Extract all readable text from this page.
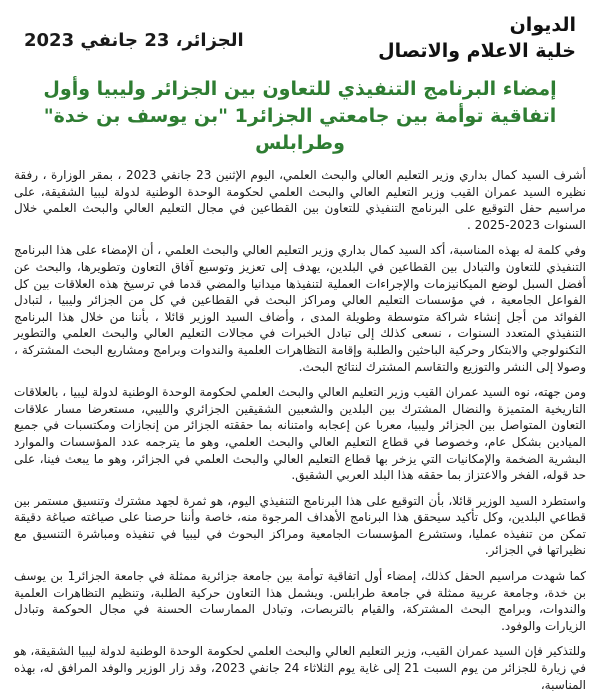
الديوان
خلية الاعلام والاتصال
الجزائر، 23 جانفي 2023
إمضاء البرنامج التنفيذي للتعاون بين الجزائر وليبيا وأول اتفاقية توأمة بين جامعتي الجزائر1 "بن يوسف بن خدة" وطرابلس

أشرف السيد كمال بداري وزير التعليم العالي والبحث العلمي، اليوم الإثنين 23 جانفي 2023 ، بمقر الوزارة ، رفقة نظيره السيد عمران القيب وزير التعليم العالي والبحث العلمي لحكومة الوحدة الوطنية لدولة ليبيا الشقيقة، على مراسيم حفل التوقيع على البرنامج التنفيذي للتعاون بين القطاعين في مجال التعليم العالي والبحث العلمي خلال السنوات 2023-2025 .

وفي كلمة له بهذه المناسبة، أكد السيد كمال بداري وزير التعليم العالي والبحث العلمي ، أن الإمضاء على هذا البرنامج التنفيذي للتعاون والتبادل بين القطاعين في البلدين، يهدف إلى تعزيز وتوسيع آفاق التعاون وتطويرها، والبحث عن أفضل السبل لوضع الميكانيزمات والإجراءات العملية لتنفيذها ميدانيا والمضي قدما في ترسيخ هذه العلاقات بين كل الفواعل الجامعية ، في مؤسسات التعليم العالي ومراكز البحث في القطاعين في كل من الجزائر وليبيا ، لتبادل الفوائد من أجل إنشاء شراكة متوسطة وطويلة المدى ، وأضاف السيد الوزير قائلا ، بأننا من خلال هذا البرنامج التنفيذي المتعدد السنوات ، نسعى كذلك إلى تبادل الخبرات في مجالات التعليم العالي والبحث العلمي والتطوير التكنولوجي والابتكار وحركية الباحثين والطلبة وإقامة التظاهرات العلمية والندوات وبرامج ومشاريع البحث المشتركة ، وصولا إلى النشر والتوزيع والتقاسم المشترك لنتائج البحث.

ومن جهته، نوه السيد عمران القيب وزير التعليم العالي والبحث العلمي لحكومة الوحدة الوطنية لدولة ليبيا ، بالعلاقات التاريخية المتميزة والنضال المشترك بين البلدين والشعبين الشقيقين الجزائري والليبي، مستعرضا مسار علاقات التعاون المتواصل بين الجزائر وليبيا، معربا عن إعجابه وامتنانه بما حققته الجزائر من إنجازات ومكتسبات في جميع الميادين بشكل عام، وخصوصا في قطاع التعليم العالي والبحث العلمي، وهو ما يترجمه عدد المؤسسات والموارد البشرية الضخمة والإمكانيات التي يزخر بها قطاع التعليم العالي والبحث العلمي في الجزائر، وهو ما يبعث فينا، على حد قوله، الفخر والاعتزاز بما حققه هذا البلد العربي الشقيق.

واستطرد السيد الوزير قائلا، بأن التوقيع على هذا البرنامج التنفيذي اليوم، هو ثمرة لجهد مشترك وتنسيق مستمر بين قطاعي البلدين، وكل تأكيد سيحقق هذا البرنامج الأهداف المرجوة منه، خاصة وأننا حرصنا على صياغته صياغة دقيقة تمكن من تنفيذه عمليا، وستشرع المؤسسات الجامعية ومراكز البحوث في ليبيا في تنفيذه ومباشرة التنسيق مع نظيراتها في الجزائر.

كما شهدت مراسيم الحفل كذلك، إمضاء أول اتفاقية توأمة بين جامعة جزائرية ممثلة في جامعة الجزائر1 بن يوسف بن خدة، وجامعة عربية ممثلة في جامعة طرابلس. ويشمل هذا التعاون حركية الطلبة، وتنظيم التظاهرات العلمية والندوات، وبرامج البحث المشتركة، والقيام بالتربصات، وتبادل الممارسات الحسنة في مجال الحوكمة وتبادل الزيارات والوفود.

وللتذكير فإن السيد عمران القيب، وزير التعليم العالي والبحث العلمي لحكومة الوحدة الوطنية لدولة ليبيا الشقيقة، هو في زيارة للجزائر من يوم السبت 21 إلى غاية يوم الثلاثاء 24 جانفي 2023، وقد زار الوزير والوفد المرافق له، بهذه المناسبة،
